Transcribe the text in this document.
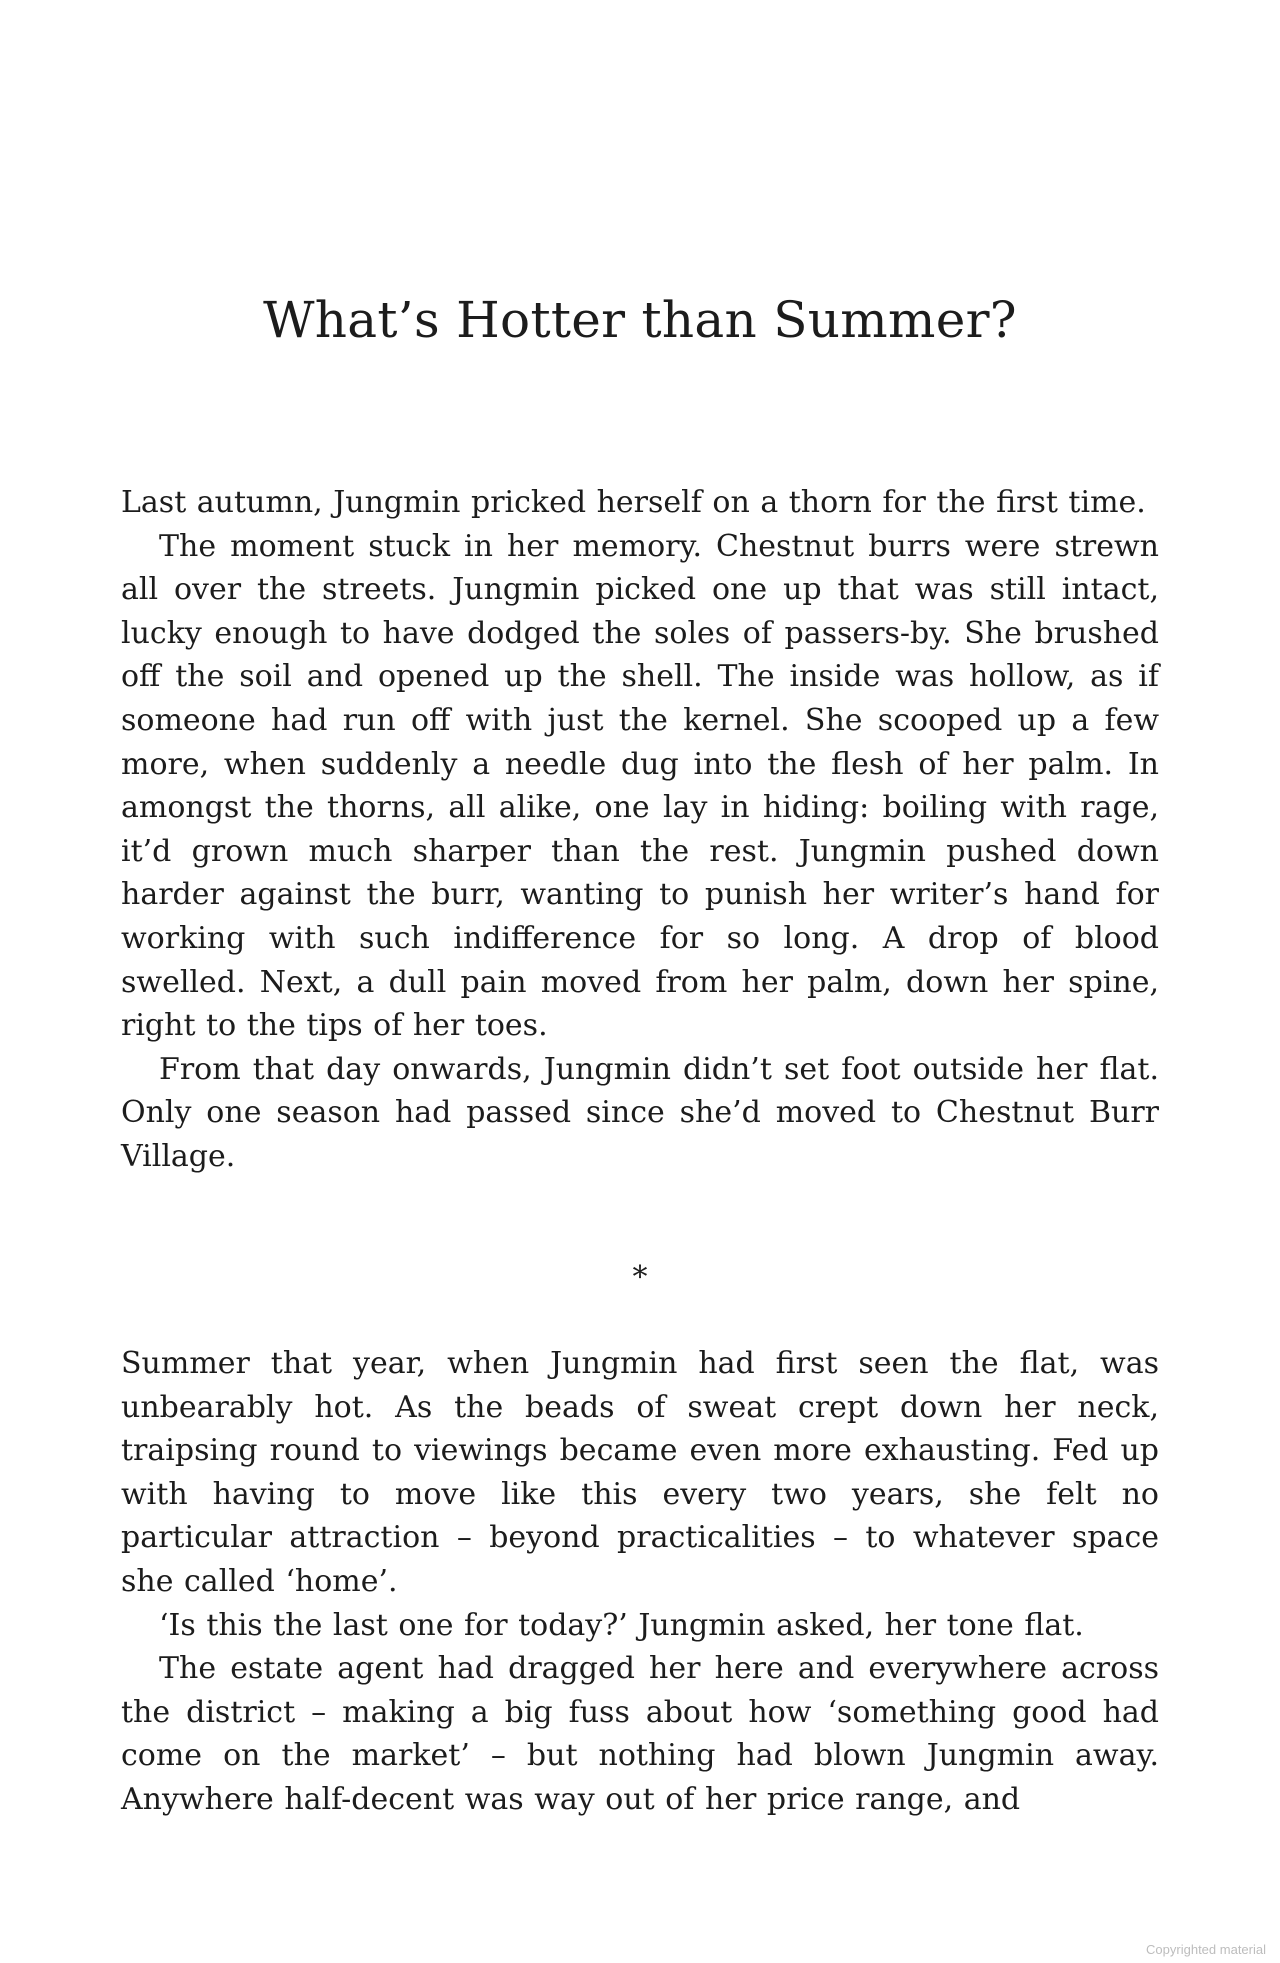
What’s Hotter than Summer?

Last autumn, Jungmin pricked herself on a thorn for the first time.

The moment stuck in her memory. Chestnut burrs were strewn all over the streets. Jungmin picked one up that was still intact, lucky enough to have dodged the soles of passers-by. She brushed off the soil and opened up the shell. The inside was hollow, as if someone had run off with just the kernel. She scooped up a few more, when suddenly a needle dug into the flesh of her palm. In amongst the thorns, all alike, one lay in hiding: boiling with rage, it’d grown much sharper than the rest. Jungmin pushed down harder against the burr, wanting to punish her writer’s hand for working with such indifference for so long. A drop of blood swelled. Next, a dull pain moved from her palm, down her spine, right to the tips of her toes.

From that day onwards, Jungmin didn’t set foot outside her flat. Only one season had passed since she’d moved to Chestnut Burr Village.

*

Summer that year, when Jungmin had first seen the flat, was unbearably hot. As the beads of sweat crept down her neck, traipsing round to viewings became even more exhausting. Fed up with having to move like this every two years, she felt no particular attraction – beyond practicalities – to whatever space she called ‘home’.

‘Is this the last one for today?’ Jungmin asked, her tone flat.

The estate agent had dragged her here and everywhere across the district – making a big fuss about how ‘something good had come on the market’ – but nothing had blown Jungmin away. Anywhere half-decent was way out of her price range, and

Copyrighted material
